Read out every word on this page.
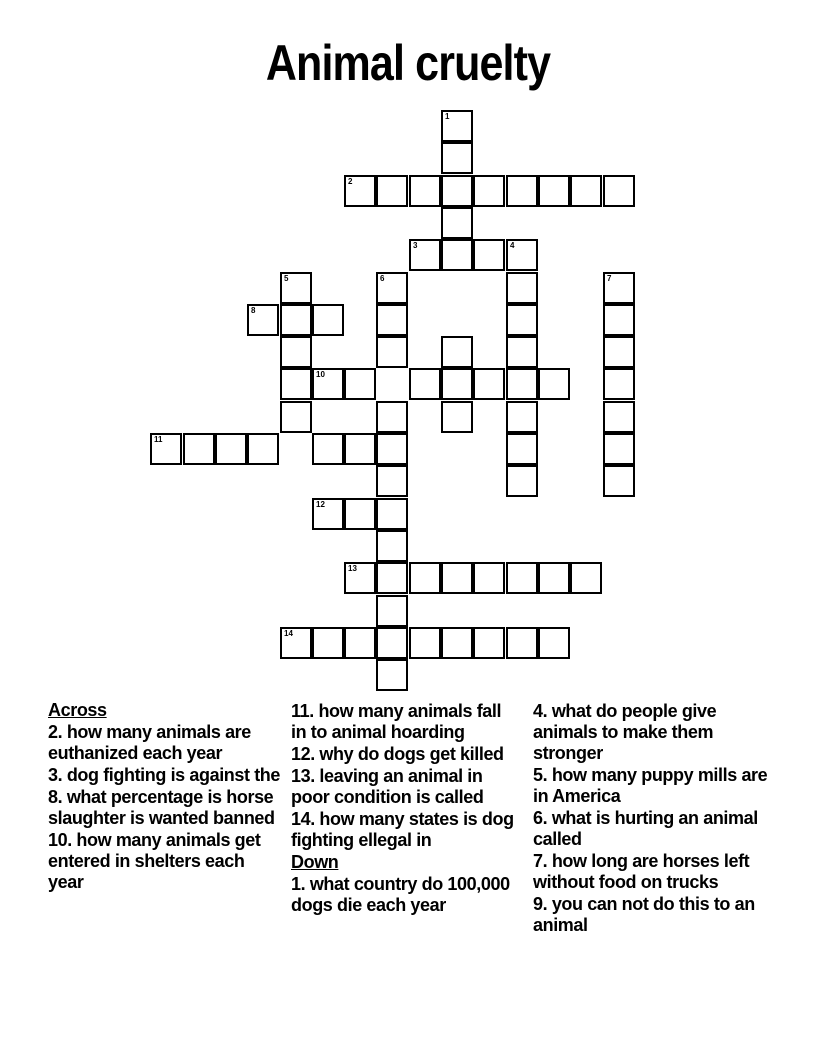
Animal cruelty
1
2
3	4
5	6	7
8
10
11
12
13
14
Across
2. how many animals are euthanized each year
3. dog fighting is against the
8. what percentage is horse slaughter is wanted banned
10. how many animals get entered in shelters each year
11. how many animals fall in to animal hoarding
12. why do dogs get killed
13. leaving an animal in poor condition is called
14. how many states is dog fighting ellegal in
Down
1. what country do 100,000 dogs die each year
4. what do people give animals to make them stronger
5. how many puppy mills are in America
6. what is hurting an animal called
7. how long are horses left without food on trucks
9. you can not do this to an animal
